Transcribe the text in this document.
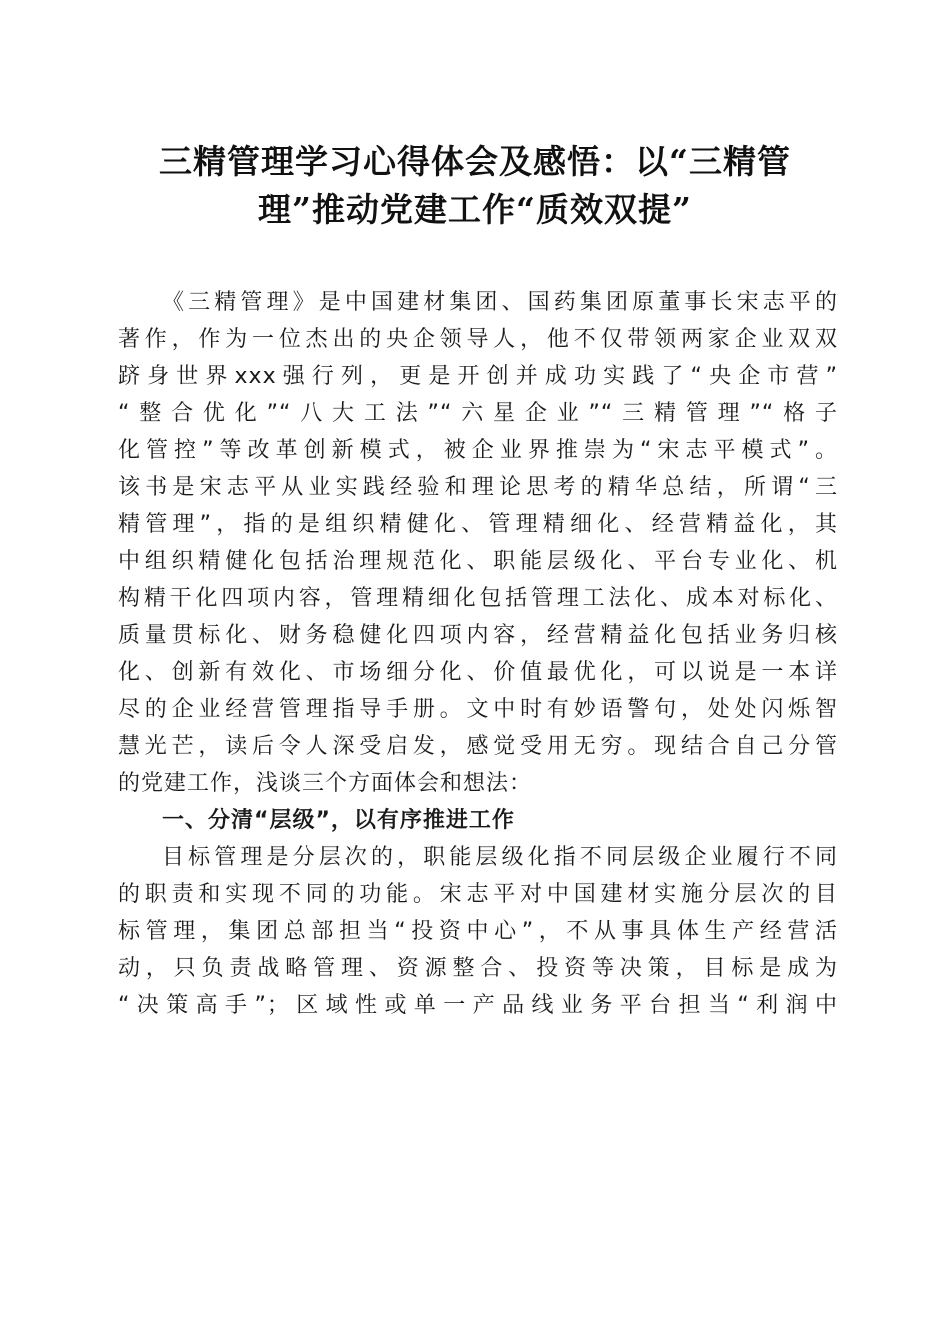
三精管理学习心得体会及感悟：以“三精管
理”推动党建工作“质效双提”
《三精管理》是中国建材集团、国药集团原董事长宋志平的
著作，作为一位杰出的央企领导人，他不仅带领两家企业双双
跻身世界xxx强行列，更是开创并成功实践了“央企市营”
“整合优化”“八大工法”“六星企业”“三精管理”“格子
化管控”等改革创新模式，被企业界推崇为“宋志平模式”。
该书是宋志平从业实践经验和理论思考的精华总结，所谓“三
精管理”，指的是组织精健化、管理精细化、经营精益化，其
中组织精健化包括治理规范化、职能层级化、平台专业化、机
构精干化四项内容，管理精细化包括管理工法化、成本对标化、
质量贯标化、财务稳健化四项内容，经营精益化包括业务归核
化、创新有效化、市场细分化、价值最优化，可以说是一本详
尽的企业经营管理指导手册。文中时有妙语警句，处处闪烁智
慧光芒，读后令人深受启发，感觉受用无穷。现结合自己分管
的党建工作，浅谈三个方面体会和想法：
一、分清“层级”，以有序推进工作
目标管理是分层次的，职能层级化指不同层级企业履行不同
的职责和实现不同的功能。宋志平对中国建材实施分层次的目
标管理，集团总部担当“投资中心”，不从事具体生产经营活
动，只负责战略管理、资源整合、投资等决策，目标是成为
“决策高手”；区域性或单一产品线业务平台担当“利润中
